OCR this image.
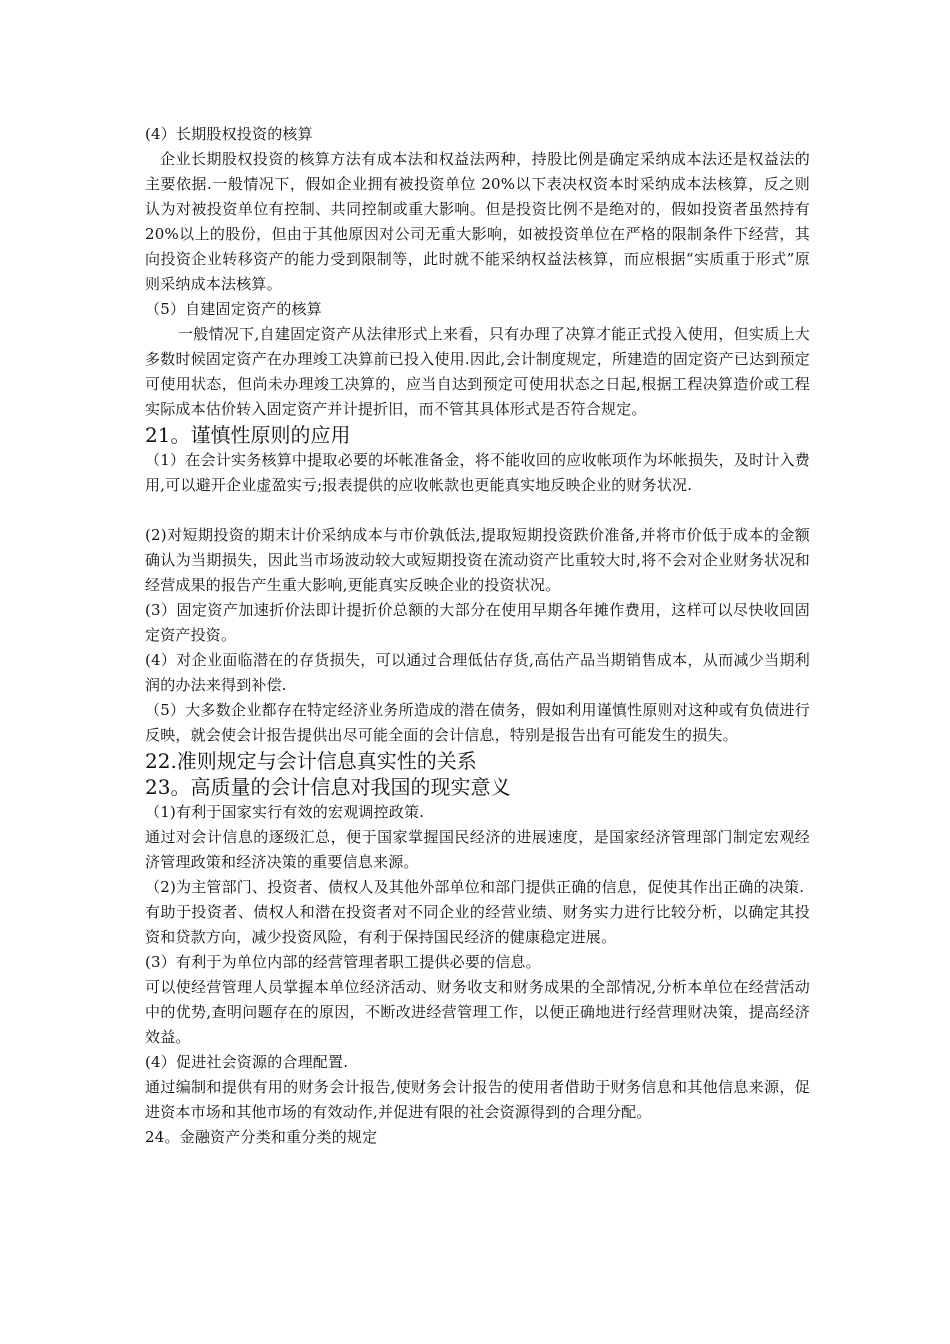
(4）长期股权投资的核算

企业长期股权投资的核算方法有成本法和权益法两种，持股比例是确定采纳成本法还是权益法的主要依据.一般情况下，假如企业拥有被投资单位 20%以下表决权资本时采纳成本法核算，反之则认为对被投资单位有控制、共同控制或重大影响。但是投资比例不是绝对的，假如投资者虽然持有 20%以上的股份，但由于其他原因对公司无重大影响，如被投资单位在严格的限制条件下经营，其向投资企业转移资产的能力受到限制等，此时就不能采纳权益法核算，而应根据“实质重于形式”原则采纳成本法核算。

（5）自建固定资产的核算

一般情况下,自建固定资产从法律形式上来看，只有办理了决算才能正式投入使用，但实质上大多数时候固定资产在办理竣工决算前已投入使用.因此,会计制度规定，所建造的固定资产已达到预定可使用状态，但尚未办理竣工决算的，应当自达到预定可使用状态之日起,根据工程决算造价或工程实际成本估价转入固定资产并计提折旧，而不管其具体形式是否符合规定。

21。谨慎性原则的应用

（1）在会计实务核算中提取必要的坏帐准备金，将不能收回的应收帐项作为坏帐损失，及时计入费用,可以避开企业虚盈实亏;报表提供的应收帐款也更能真实地反映企业的财务状况.

(2)对短期投资的期末计价采纳成本与市价孰低法,提取短期投资跌价准备,并将市价低于成本的金额确认为当期损失，因此当市场波动较大或短期投资在流动资产比重较大时,将不会对企业财务状况和经营成果的报告产生重大影响,更能真实反映企业的投资状况。

(3）固定资产加速折价法即计提折价总额的大部分在使用早期各年摊作费用，这样可以尽快收回固定资产投资。

(4）对企业面临潜在的存货损失，可以通过合理低估存货,高估产品当期销售成本，从而减少当期利润的办法来得到补偿.

（5）大多数企业都存在特定经济业务所造成的潜在债务，假如利用谨慎性原则对这种或有负债进行反映，就会使会计报告提供出尽可能全面的会计信息，特别是报告出有可能发生的损失。

22.准则规定与会计信息真实性的关系
23。高质量的会计信息对我国的现实意义

（1)有利于国家实行有效的宏观调控政策.

通过对会计信息的逐级汇总，便于国家掌握国民经济的进展速度，是国家经济管理部门制定宏观经济管理政策和经济决策的重要信息来源。

（2)为主管部门、投资者、债权人及其他外部单位和部门提供正确的信息，促使其作出正确的决策.

有助于投资者、债权人和潜在投资者对不同企业的经营业绩、财务实力进行比较分析，以确定其投资和贷款方向，减少投资风险，有利于保持国民经济的健康稳定进展。

(3）有利于为单位内部的经营管理者职工提供必要的信息。

可以使经营管理人员掌握本单位经济活动、财务收支和财务成果的全部情况,分析本单位在经营活动中的优势,查明问题存在的原因，不断改进经营管理工作，以便正确地进行经营理财决策，提高经济效益。

(4）促进社会资源的合理配置.

通过编制和提供有用的财务会计报告,使财务会计报告的使用者借助于财务信息和其他信息来源，促进资本市场和其他市场的有效动作,并促进有限的社会资源得到的合理分配。

24。金融资产分类和重分类的规定
